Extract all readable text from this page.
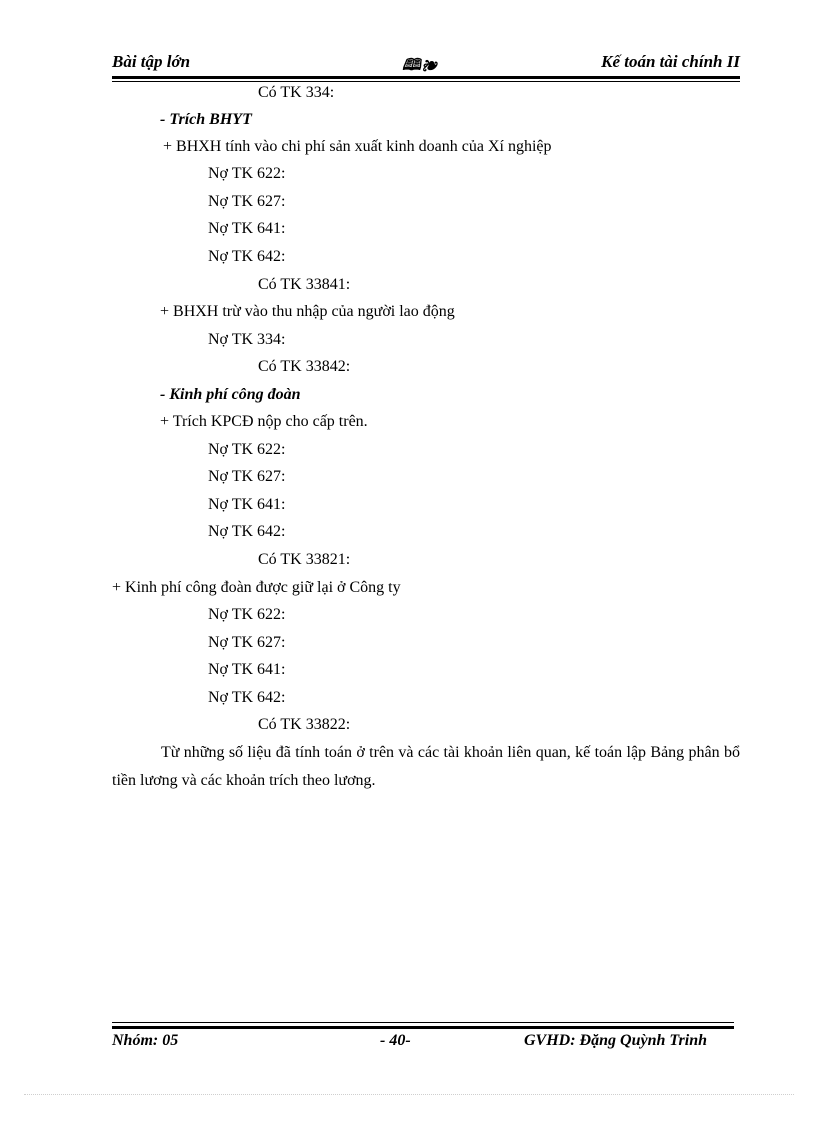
Bài tập lớn	🕮❧	Kế toán tài chính II
Có TK 334:
- Trích BHYT
+ BHXH tính vào chi phí sản xuất kinh doanh của Xí nghiệp
Nợ TK 622:
Nợ TK 627:
Nợ TK 641:
Nợ TK 642:
Có TK 33841:
+ BHXH trừ vào thu nhập của người lao động
Nợ TK 334:
Có TK 33842:
- Kinh phí công đoàn
+ Trích KPCĐ nộp cho cấp trên.
Nợ TK 622:
Nợ TK 627:
Nợ TK 641:
Nợ TK 642:
Có TK 33821:
+ Kinh phí công đoàn được giữ lại ở Công ty
Nợ TK 622:
Nợ TK 627:
Nợ TK 641:
Nợ TK 642:
Có TK 33822:
Từ những số liệu đã tính toán ở trên và các tài khoản liên quan, kế toán lập Bảng phân bổ tiền lương và các khoản trích theo lương.
Nhóm: 05	- 40-	GVHD: Đặng Quỳnh Trinh
